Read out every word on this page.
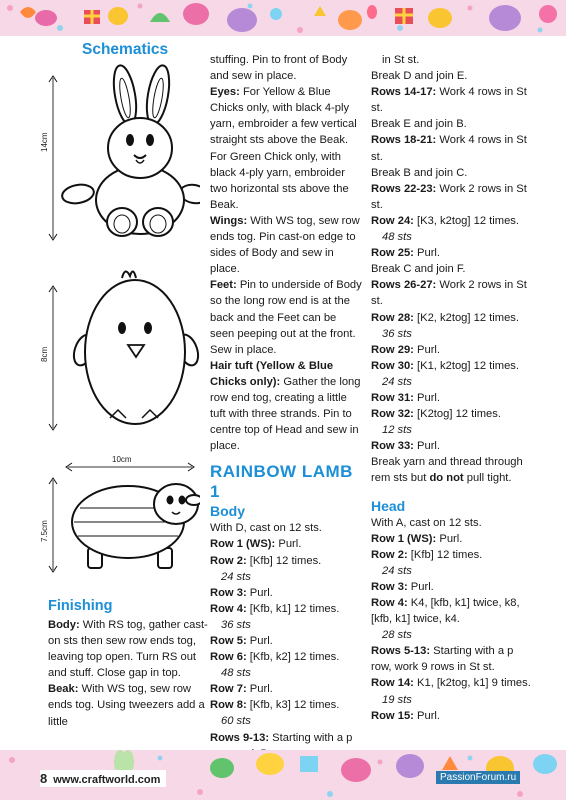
Schematics
14cm
8cm
10cm
7.5cm
Finishing

Body: With RS tog, gather cast-on sts then sew row ends tog, leaving top open. Turn RS out and stuff. Close gap in top.

Beak: With WS tog, sew row ends tog. Using tweezers add a little

stuffing. Pin to front of Body and sew in place.

Eyes: For Yellow & Blue Chicks only, with black 4-ply yarn, embroider a few vertical straight sts above the Beak. For Green Chick only, with black 4-ply yarn, embroider two horizontal sts above the Beak.

Wings: With WS tog, sew row ends tog. Pin cast-on edge to sides of Body and sew in place.

Feet: Pin to underside of Body so the long row end is at the back and the Feet can be seen peeping out at the front. Sew in place.

Hair tuft (Yellow & Blue Chicks only): Gather the long row end tog, creating a little tuft with three strands. Pin to centre top of Head and sew in place.

RAINBOW LAMB 1
Body

With D, cast on 12 sts.

Row 1 (WS): Purl.

Row 2: [Kfb] 12 times.

24 sts

Row 3: Purl.

Row 4: [Kfb, k1] 12 times.

36 sts

Row 5: Purl.

Row 6: [Kfb, k2] 12 times.

48 sts

Row 7: Purl.

Row 8: [Kfb, k3] 12 times.

60 sts

Rows 9-13: Starting with a p

in St st.

Break D and join E.

Rows 14-17: Work 4 rows in St st.

Break E and join B.

Rows 18-21: Work 4 rows in St st.

Break B and join C.

Rows 22-23: Work 2 rows in St st.

Row 24: [K3, k2tog] 12 times.

48 sts

Row 25: Purl.

Break C and join F.

Rows 26-27: Work 2 rows in St st.

Row 28: [K2, k2tog] 12 times.

36 sts

Row 29: Purl.

Row 30: [K1, k2tog] 12 times.

24 sts

Row 31: Purl.

Row 32: [K2tog] 12 times.

12 sts

Row 33: Purl.

Break yarn and thread through rem sts but do not pull tight.

Head

With A, cast on 12 sts.

Row 1 (WS): Purl.

Row 2: [Kfb] 12 times.

24 sts

Row 3: Purl.

Row 4: K4, [kfb, k1] twice, k8, [kfb, k1] twice, k4.

28 sts

Rows 5-13: Starting with a p row, work 9 rows in St st.

Row 14: K1, [k2tog, k1] 9 times.

19 sts

Row 15: Purl.

8 www.craftworld.com	PassionForum.ru
